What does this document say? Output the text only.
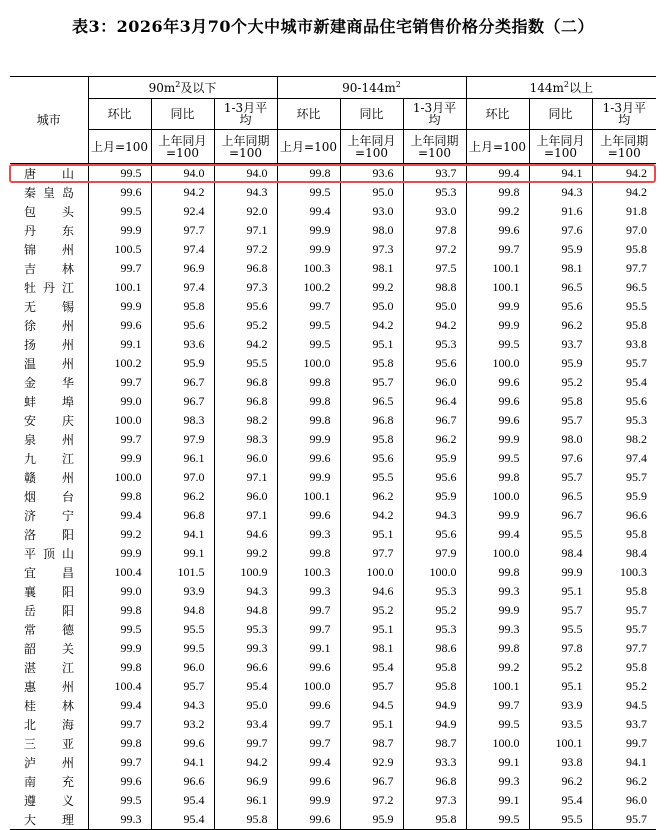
表3：2026年3月70个大中城市新建商品住宅销售价格分类指数（二）
城市	$90m^2$及以下			$90-144m^2$			$144m^2$以上		
	环比	同比	1-3月平均	环比	同比	1-3月平均	环比	同比	1-3月平均
	上月=100	上年同月=100	上年同期=100	上月=100	上年同月=100	上年同期=100	上月=100	上年同月=100	上年同期=100

唐 山	99.5	94.0	94.0	99.8	93.6	93.7	99.4	94.1	94.2

秦 皇 岛	99.6	94.2	94.3	99.5	95.0	95.3	99.8	94.3	94.2

包 头	99.5	92.4	92.0	99.4	93.0	93.0	99.2	91.6	91.8

丹 东	99.9	97.7	97.1	99.9	98.0	97.8	99.6	97.6	97.0

锦 州	100.5	97.4	97.2	99.9	97.3	97.2	99.7	95.9	95.8

吉 林	99.7	96.9	96.8	100.3	98.1	97.5	100.1	98.1	97.7

牡 丹 江	100.1	97.4	97.3	100.2	99.2	98.8	100.1	96.5	96.5

无 锡	99.9	95.8	95.6	99.7	95.0	95.0	99.9	95.6	95.5

徐 州	99.6	95.6	95.2	99.5	94.2	94.2	99.9	96.2	95.8

扬 州	99.1	93.6	94.2	99.5	95.1	95.3	99.5	93.7	93.8

温 州	100.2	95.9	95.5	100.0	95.8	95.6	100.0	95.9	95.7

金 华	99.7	96.7	96.8	99.8	95.7	96.0	99.6	95.2	95.4

蚌 埠	99.0	96.7	96.8	99.8	96.5	96.4	99.6	95.8	95.6

安 庆	100.0	98.3	98.2	99.8	96.8	96.7	99.6	95.7	95.3

泉 州	99.7	97.9	98.3	99.9	95.8	96.2	99.9	98.0	98.2

九 江	99.9	96.1	96.0	99.6	95.6	95.9	99.5	97.6	97.4

赣 州	100.0	97.0	97.1	99.9	95.5	95.6	99.8	95.7	95.7

烟 台	99.8	96.2	96.0	100.1	96.2	95.9	100.0	96.5	95.9

济 宁	99.4	96.8	97.1	99.6	94.2	94.3	99.9	96.7	96.6

洛 阳	99.2	94.1	94.6	99.3	95.1	95.6	99.4	95.5	95.8

平 顶 山	99.9	99.1	99.2	99.8	97.7	97.9	100.0	98.4	98.4

宜 昌	100.4	101.5	100.9	100.3	100.0	100.0	99.8	99.9	100.3

襄 阳	99.0	93.9	94.3	99.3	94.6	95.3	99.3	95.1	95.8

岳 阳	99.8	94.8	94.8	99.7	95.2	95.2	99.9	95.7	95.7

常 德	99.5	95.5	95.3	99.7	95.1	95.3	99.3	95.5	95.7

韶 关	99.9	99.5	99.3	99.1	98.1	98.6	99.8	97.8	97.7

湛 江	99.8	96.0	96.6	99.6	95.4	95.8	99.2	95.2	95.8

惠 州	100.4	95.7	95.4	100.0	95.7	95.8	100.1	95.1	95.2

桂 林	99.4	94.3	95.0	99.6	94.5	94.9	99.7	93.9	94.5

北 海	99.7	93.2	93.4	99.7	95.1	94.9	99.5	93.5	93.7

三 亚	99.8	99.6	99.7	99.7	98.7	98.7	100.0	100.1	99.7

泸 州	99.7	94.1	94.2	99.4	92.9	93.3	99.1	93.8	94.1

南 充	99.6	96.6	96.9	99.6	96.7	96.8	99.3	96.2	96.2

遵 义	99.5	95.4	96.1	99.9	97.2	97.3	99.1	95.4	96.0

大 理	99.3	95.4	95.8	99.6	95.9	95.8	99.5	95.5	95.7
